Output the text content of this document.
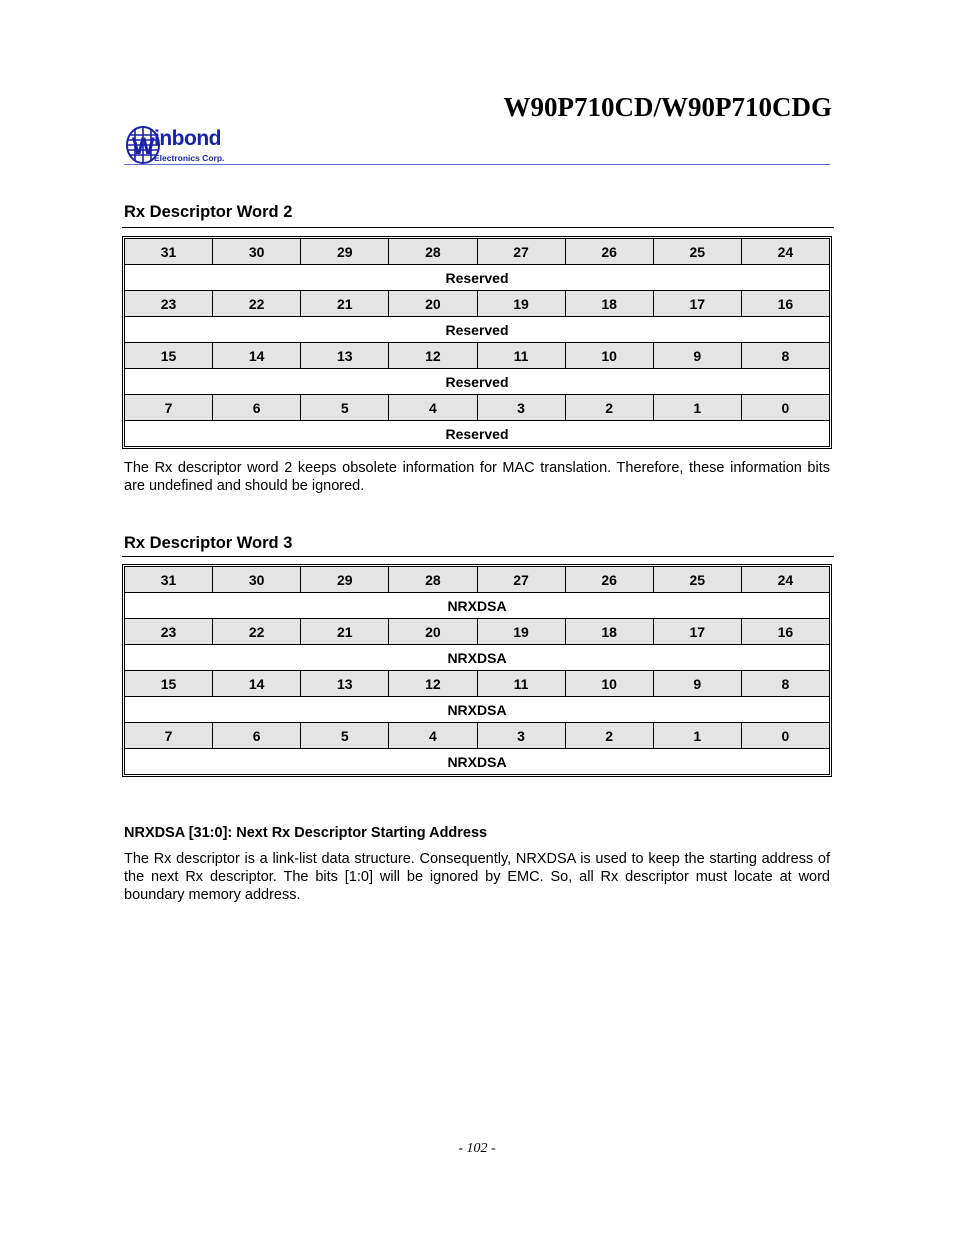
W90P710CD/W90P710CDG
W inbond
Electronics Corp.
Rx Descriptor Word 2
31	30	29	28	27	26	25	24
Reserved							
23	22	21	20	19	18	17	16
Reserved							
15	14	13	12	11	10	9	8
Reserved							
7	6	5	4	3	2	1	0
Reserved							
The Rx descriptor word 2 keeps obsolete information for MAC translation. Therefore, these information bits are undefined and should be ignored.
Rx Descriptor Word 3
31	30	29	28	27	26	25	24
NRXDSA							
23	22	21	20	19	18	17	16
NRXDSA							
15	14	13	12	11	10	9	8
NRXDSA							
7	6	5	4	3	2	1	0
NRXDSA							
NRXDSA [31:0]: Next Rx Descriptor Starting Address
The Rx descriptor is a link-list data structure. Consequently, NRXDSA is used to keep the starting address of the next Rx descriptor. The bits [1:0] will be ignored by EMC. So, all Rx descriptor must locate at word boundary memory address.
- 102 -
